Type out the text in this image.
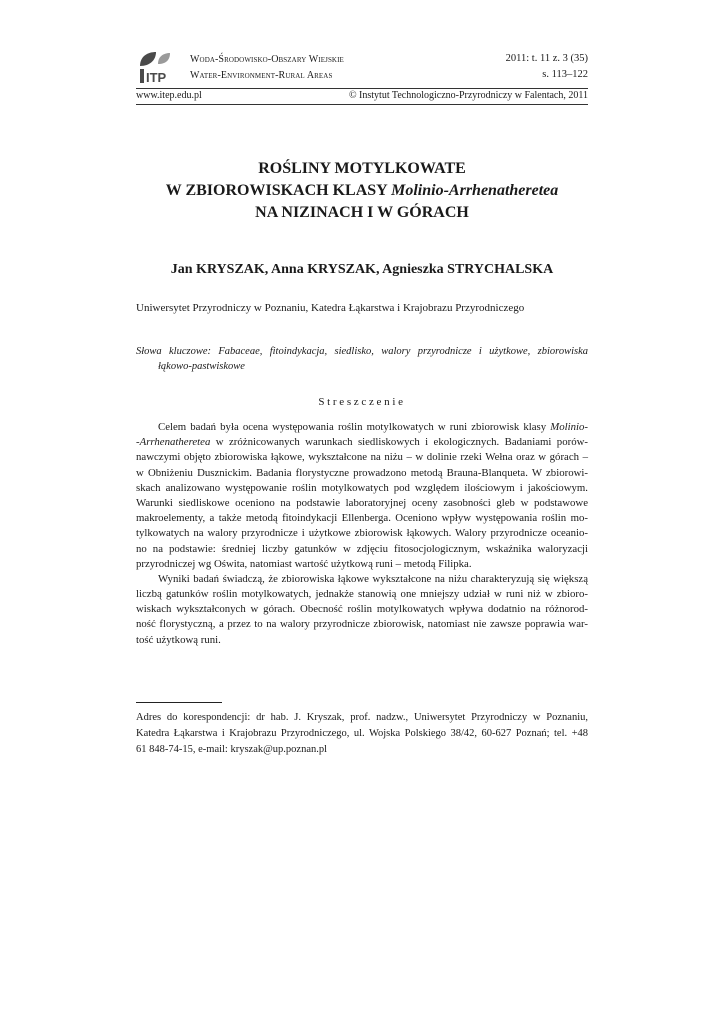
ITP
Woda-Środowisko-Obszary Wiejskie
Water-Environment-Rural Areas
2011: t. 11 z. 3 (35)
s. 113–122
www.itep.edu.pl	© Instytut Technologiczno-Przyrodniczy w Falentach, 2011
ROŚLINY MOTYLKOWATE
W ZBIOROWISKACH KLASY Molinio-Arrhenatheretea
NA NIZINACH I W GÓRACH
Jan KRYSZAK, Anna KRYSZAK, Agnieszka STRYCHALSKA
Uniwersytet Przyrodniczy w Poznaniu, Katedra Łąkarstwa i Krajobrazu Przyrodniczego
Słowa kluczowe: Fabaceae, fitoindykacja, siedlisko, walory przyrodnicze i użytkowe, zbiorowiska
łąkowo-pastwiskowe
Streszczenie
Celem badań była ocena występowania roślin motylkowatych w runi zbiorowisk klasy Molinio-
-Arrhenatheretea w zróżnicowanych warunkach siedliskowych i ekologicznych. Badaniami porów-
nawczymi objęto zbiorowiska łąkowe, wykształcone na niżu – w dolinie rzeki Wełna oraz w górach –
w Obniżeniu Dusznickim. Badania florystyczne prowadzono metodą Brauna-Blanqueta. W zbiorowi-
skach analizowano występowanie roślin motylkowatych pod względem ilościowym i jakościowym.
Warunki siedliskowe oceniono na podstawie laboratoryjnej oceny zasobności gleb w podstawowe
makroelementy, a także metodą fitoindykacji Ellenberga. Oceniono wpływ występowania roślin mo-
tylkowatych na walory przyrodnicze i użytkowe zbiorowisk łąkowych. Walory przyrodnicze oceanio-
no na podstawie: średniej liczby gatunków w zdjęciu fitosocjologicznym, wskaźnika waloryzacji
przyrodniczej wg Oświta, natomiast wartość użytkową runi – metodą Filipka.
Wyniki badań świadczą, że zbiorowiska łąkowe wykształcone na niżu charakteryzują się większą
liczbą gatunków roślin motylkowatych, jednakże stanowią one mniejszy udział w runi niż w zbioro-
wiskach wykształconych w górach. Obecność roślin motylkowatych wpływa dodatnio na różnorod-
ność florystyczną, a przez to na walory przyrodnicze zbiorowisk, natomiast nie zawsze poprawia war-
tość użytkową runi.
Adres do korespondencji: dr hab. J. Kryszak, prof. nadzw., Uniwersytet Przyrodniczy w Poznaniu,
Katedra Łąkarstwa i Krajobrazu Przyrodniczego, ul. Wojska Polskiego 38/42, 60-627 Poznań; tel. +48
61 848-74-15, e-mail: kryszak@up.poznan.pl
